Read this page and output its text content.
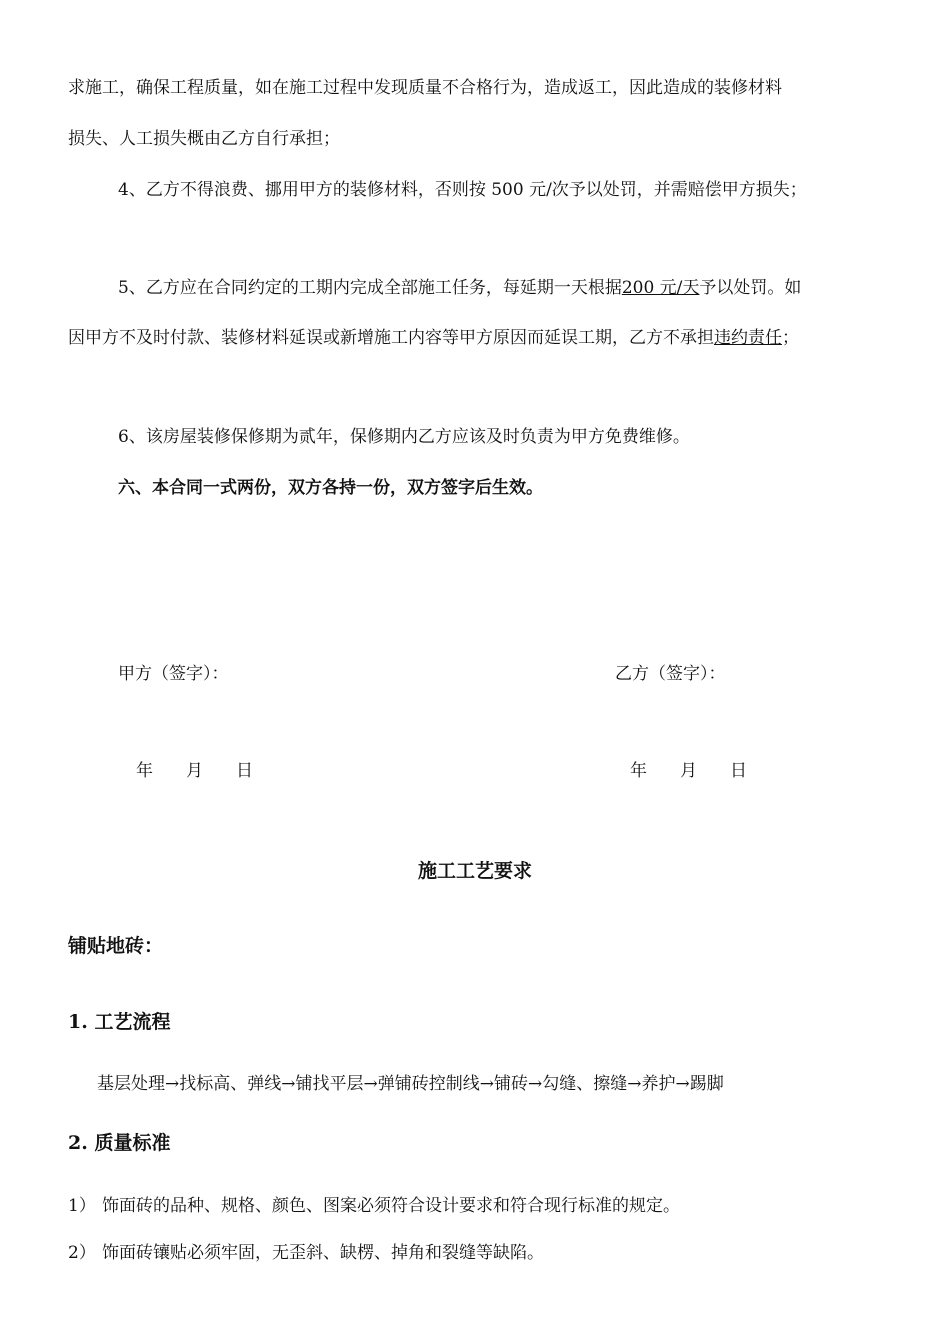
求施工，确保工程质量，如在施工过程中发现质量不合格行为，造成返工，因此造成的装修材料
损失、人工损失概由乙方自行承担；
4、乙方不得浪费、挪用甲方的装修材料，否则按 500 元/次予以处罚，并需赔偿甲方损失；
5、乙方应在合同约定的工期内完成全部施工任务，每延期一天根据200 元/天予以处罚。如
因甲方不及时付款、装修材料延误或新增施工内容等甲方原因而延误工期，乙方不承担违约责任；
6、该房屋装修保修期为贰年，保修期内乙方应该及时负责为甲方免费维修。
六、本合同一式两份，双方各持一份，双方签字后生效。
甲方（签字）：	乙方（签字）：
年 月 日	年 月 日
施工工艺要求
铺贴地砖：
1. 工艺流程
基层处理→找标高、弹线→铺找平层→弹铺砖控制线→铺砖→勾缝、擦缝→养护→踢脚
2. 质量标准
1） 饰面砖的品种、规格、颜色、图案必须符合设计要求和符合现行标准的规定。
2） 饰面砖镶贴必须牢固，无歪斜、缺楞、掉角和裂缝等缺陷。
